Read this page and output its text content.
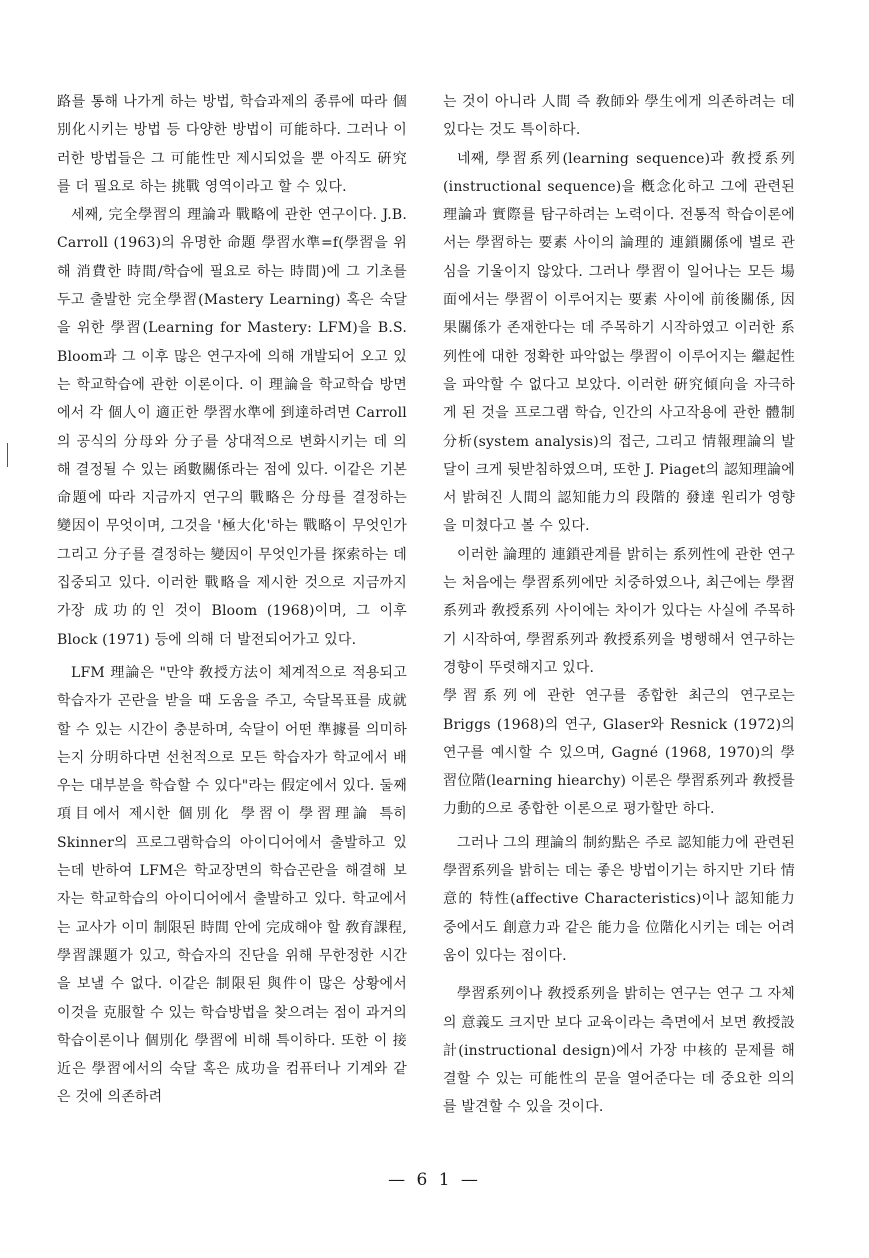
路를 통해 나가게 하는 방법, 학습과제의 종류에 따라 個別化시키는 방법 등 다양한 방법이 可能하다. 그러나 이러한 방법들은 그 可能性만 제시되었을 뿐 아직도 硏究를 더 필요로 하는 挑戰 영역이라고 할 수 있다.

세째, 完全學習의 理論과 戰略에 관한 연구이다. J.B. Carroll (1963)의 유명한 命題 學習水準=f(學習을 위해 消費한 時間/학습에 필요로 하는 時間)에 그 기초를 두고 출발한 完全學習(Mastery Learning) 혹은 숙달을 위한 學習(Learning for Mastery: LFM)을 B.S. Bloom과 그 이후 많은 연구자에 의해 개발되어 오고 있는 학교학습에 관한 이론이다. 이 理論을 학교학습 방면에서 각 個人이 適正한 學習水準에 到達하려면 Carroll의 공식의 分母와 分子를 상대적으로 변화시키는 데 의해 결정될 수 있는 函數關係라는 점에 있다. 이같은 기본 命題에 따라 지금까지 연구의 戰略은 分母를 결정하는 變因이 무엇이며, 그것을 '極大化'하는 戰略이 무엇인가 그리고 分子를 결정하는 變因이 무엇인가를 探索하는 데 집중되고 있다. 이러한 戰略을 제시한 것으로 지금까지 가장 成功的인 것이 Bloom (1968)이며, 그 이후 Block (1971) 등에 의해 더 발전되어가고 있다.

LFM 理論은 "만약 敎授方法이 체계적으로 적용되고 학습자가 곤란을 받을 때 도움을 주고, 숙달목표를 成就할 수 있는 시간이 충분하며, 숙달이 어떤 準據를 의미하는지 分明하다면 선천적으로 모든 학습자가 학교에서 배우는 대부분을 학습할 수 있다"라는 假定에서 있다. 둘째 項目에서 제시한 個別化 學習이 學習理論 특히 Skinner의 프로그램학습의 아이디어에서 출발하고 있는데 반하여 LFM은 학교장면의 학습곤란을 해결해 보자는 학교학습의 아이디어에서 출발하고 있다. 학교에서는 교사가 이미 制限된 時間 안에 完成해야 할 敎育課程, 學習課題가 있고, 학습자의 진단을 위해 무한정한 시간을 보낼 수 없다. 이같은 制限된 與件이 많은 상황에서 이것을 克服할 수 있는 학습방법을 찾으려는 점이 과거의 학습이론이나 個別化 學習에 비해 특이하다. 또한 이 接近은 學習에서의 숙달 혹은 成功을 컴퓨터나 기계와 같은 것에 의존하려

는 것이 아니라 人間 즉 敎師와 學生에게 의존하려는 데 있다는 것도 특이하다.

네째, 學習系列(learning sequence)과 敎授系列(instructional sequence)을 槪念化하고 그에 관련된 理論과 實際를 탐구하려는 노력이다. 전통적 학습이론에서는 學習하는 要素 사이의 論理的 連鎖關係에 별로 관심을 기울이지 않았다. 그러나 學習이 일어나는 모든 場面에서는 學習이 이루어지는 要素 사이에 前後關係, 因果關係가 존재한다는 데 주목하기 시작하였고 이러한 系列性에 대한 정확한 파악없는 學習이 이루어지는 繼起性을 파악할 수 없다고 보았다. 이러한 硏究傾向을 자극하게 된 것을 프로그램 학습, 인간의 사고작용에 관한 體制分析(system analysis)의 접근, 그리고 情報理論의 발달이 크게 뒷받침하였으며, 또한 J. Piaget의 認知理論에서 밝혀진 人間의 認知能力의 段階的 發達 원리가 영향을 미쳤다고 볼 수 있다.

이러한 論理的 連鎖관계를 밝히는 系列性에 관한 연구는 처음에는 學習系列에만 치중하였으나, 최근에는 學習系列과 敎授系列 사이에는 차이가 있다는 사실에 주목하기 시작하여, 學習系列과 敎授系列을 병행해서 연구하는 경향이 뚜렷해지고 있다.

學習系列에 관한 연구를 종합한 최근의 연구로는 Briggs (1968)의 연구, Glaser와 Resnick (1972)의 연구를 예시할 수 있으며, Gagné (1968, 1970)의 學習位階(learning hiearchy) 이론은 學習系列과 敎授를 力動的으로 종합한 이론으로 평가할만 하다.

그러나 그의 理論의 制約點은 주로 認知能力에 관련된 學習系列을 밝히는 데는 좋은 방법이기는 하지만 기타 情意的 特性(affective Characteristics)이나 認知能力 중에서도 創意力과 같은 能力을 位階化시키는 데는 어려움이 있다는 점이다.

學習系列이나 敎授系列을 밝히는 연구는 연구 그 자체의 意義도 크지만 보다 교육이라는 측면에서 보면 敎授設計(instructional design)에서 가장 中核的 문제를 해결할 수 있는 可能性의 문을 열어준다는 데 중요한 의의를 발견할 수 있을 것이다.

— 6 1 —
